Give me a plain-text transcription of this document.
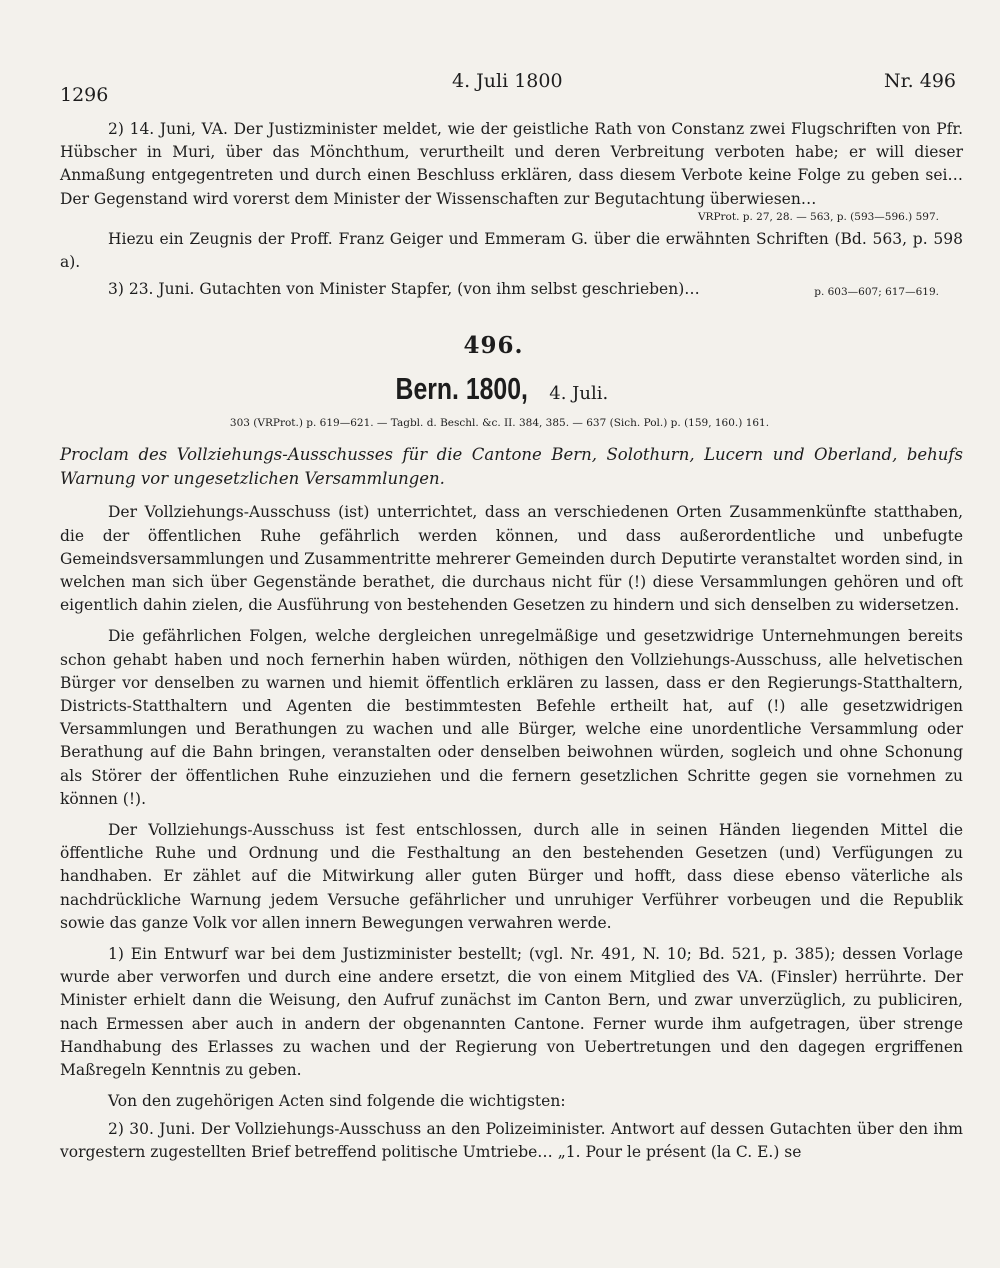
1296
4. Juli 1800	Nr. 496

2) 14. Juni, VA. Der Justizminister meldet, wie der geistliche Rath von Constanz zwei Flugschriften von Pfr. Hübscher in Muri, über das Mönchthum, verurtheilt und deren Verbreitung verboten habe; er will dieser Anmaßung entgegentreten und durch einen Beschluss erklären, dass diesem Verbote keine Folge zu geben sei… Der Gegenstand wird vorerst dem Minister der Wissenschaften zur Begutachtung überwiesen…

VRProt. p. 27, 28. — 563, p. (593—596.) 597.

Hiezu ein Zeugnis der Proff. Franz Geiger und Emmeram G. über die erwähnten Schriften (Bd. 563, p. 598 a).

3) 23. Juni. Gutachten von Minister Stapfer, (von ihm selbst geschrieben)…	p. 603—607; 617—619.
496.
Bern. 1800, 4. Juli.
303 (VRProt.) p. 619—621. — Tagbl. d. Beschl. &c. II. 384, 385. — 637 (Sich. Pol.) p. (159, 160.) 161.

Proclam des Vollziehungs-Ausschusses für die Cantone Bern, Solothurn, Lucern und Oberland, behufs Warnung vor ungesetzlichen Versammlungen.

Der Vollziehungs-Ausschuss (ist) unterrichtet, dass an verschiedenen Orten Zusammenkünfte statthaben, die der öffentlichen Ruhe gefährlich werden können, und dass außerordentliche und unbefugte Gemeindsversammlungen und Zusammentritte mehrerer Gemeinden durch Deputirte veranstaltet worden sind, in welchen man sich über Gegenstände berathet, die durchaus nicht für (!) diese Versammlungen gehören und oft eigentlich dahin zielen, die Ausführung von bestehenden Gesetzen zu hindern und sich denselben zu widersetzen.

Die gefährlichen Folgen, welche dergleichen unregelmäßige und gesetzwidrige Unternehmungen bereits schon gehabt haben und noch fernerhin haben würden, nöthigen den Vollziehungs-Ausschuss, alle helvetischen Bürger vor denselben zu warnen und hiemit öffentlich erklären zu lassen, dass er den Regierungs-Statthaltern, Districts-Statthaltern und Agenten die bestimmtesten Befehle ertheilt hat, auf (!) alle gesetzwidrigen Versammlungen und Berathungen zu wachen und alle Bürger, welche eine unordentliche Versammlung oder Berathung auf die Bahn bringen, veranstalten oder denselben beiwohnen würden, sogleich und ohne Schonung als Störer der öffentlichen Ruhe einzuziehen und die fernern gesetzlichen Schritte gegen sie vornehmen zu können (!).

Der Vollziehungs-Ausschuss ist fest entschlossen, durch alle in seinen Händen liegenden Mittel die öffentliche Ruhe und Ordnung und die Festhaltung an den bestehenden Gesetzen (und) Verfügungen zu handhaben. Er zählet auf die Mitwirkung aller guten Bürger und hofft, dass diese ebenso väterliche als nachdrückliche Warnung jedem Versuche gefährlicher und unruhiger Verführer vorbeugen und die Republik sowie das ganze Volk vor allen innern Bewegungen verwahren werde.

1) Ein Entwurf war bei dem Justizminister bestellt; (vgl. Nr. 491, N. 10; Bd. 521, p. 385); dessen Vorlage wurde aber verworfen und durch eine andere ersetzt, die von einem Mitglied des VA. (Finsler) herrührte. Der Minister erhielt dann die Weisung, den Aufruf zunächst im Canton Bern, und zwar unverzüglich, zu publiciren, nach Ermessen aber auch in andern der obgenannten Cantone. Ferner wurde ihm aufgetragen, über strenge Handhabung des Erlasses zu wachen und der Regierung von Uebertretungen und den dagegen ergriffenen Maßregeln Kenntnis zu geben.

Von den zugehörigen Acten sind folgende die wichtigsten:

2) 30. Juni. Der Vollziehungs-Ausschuss an den Polizeiminister. Antwort auf dessen Gutachten über den ihm vorgestern zugestellten Brief betreffend politische Umtriebe… „1. Pour le présent (la C. E.) se
